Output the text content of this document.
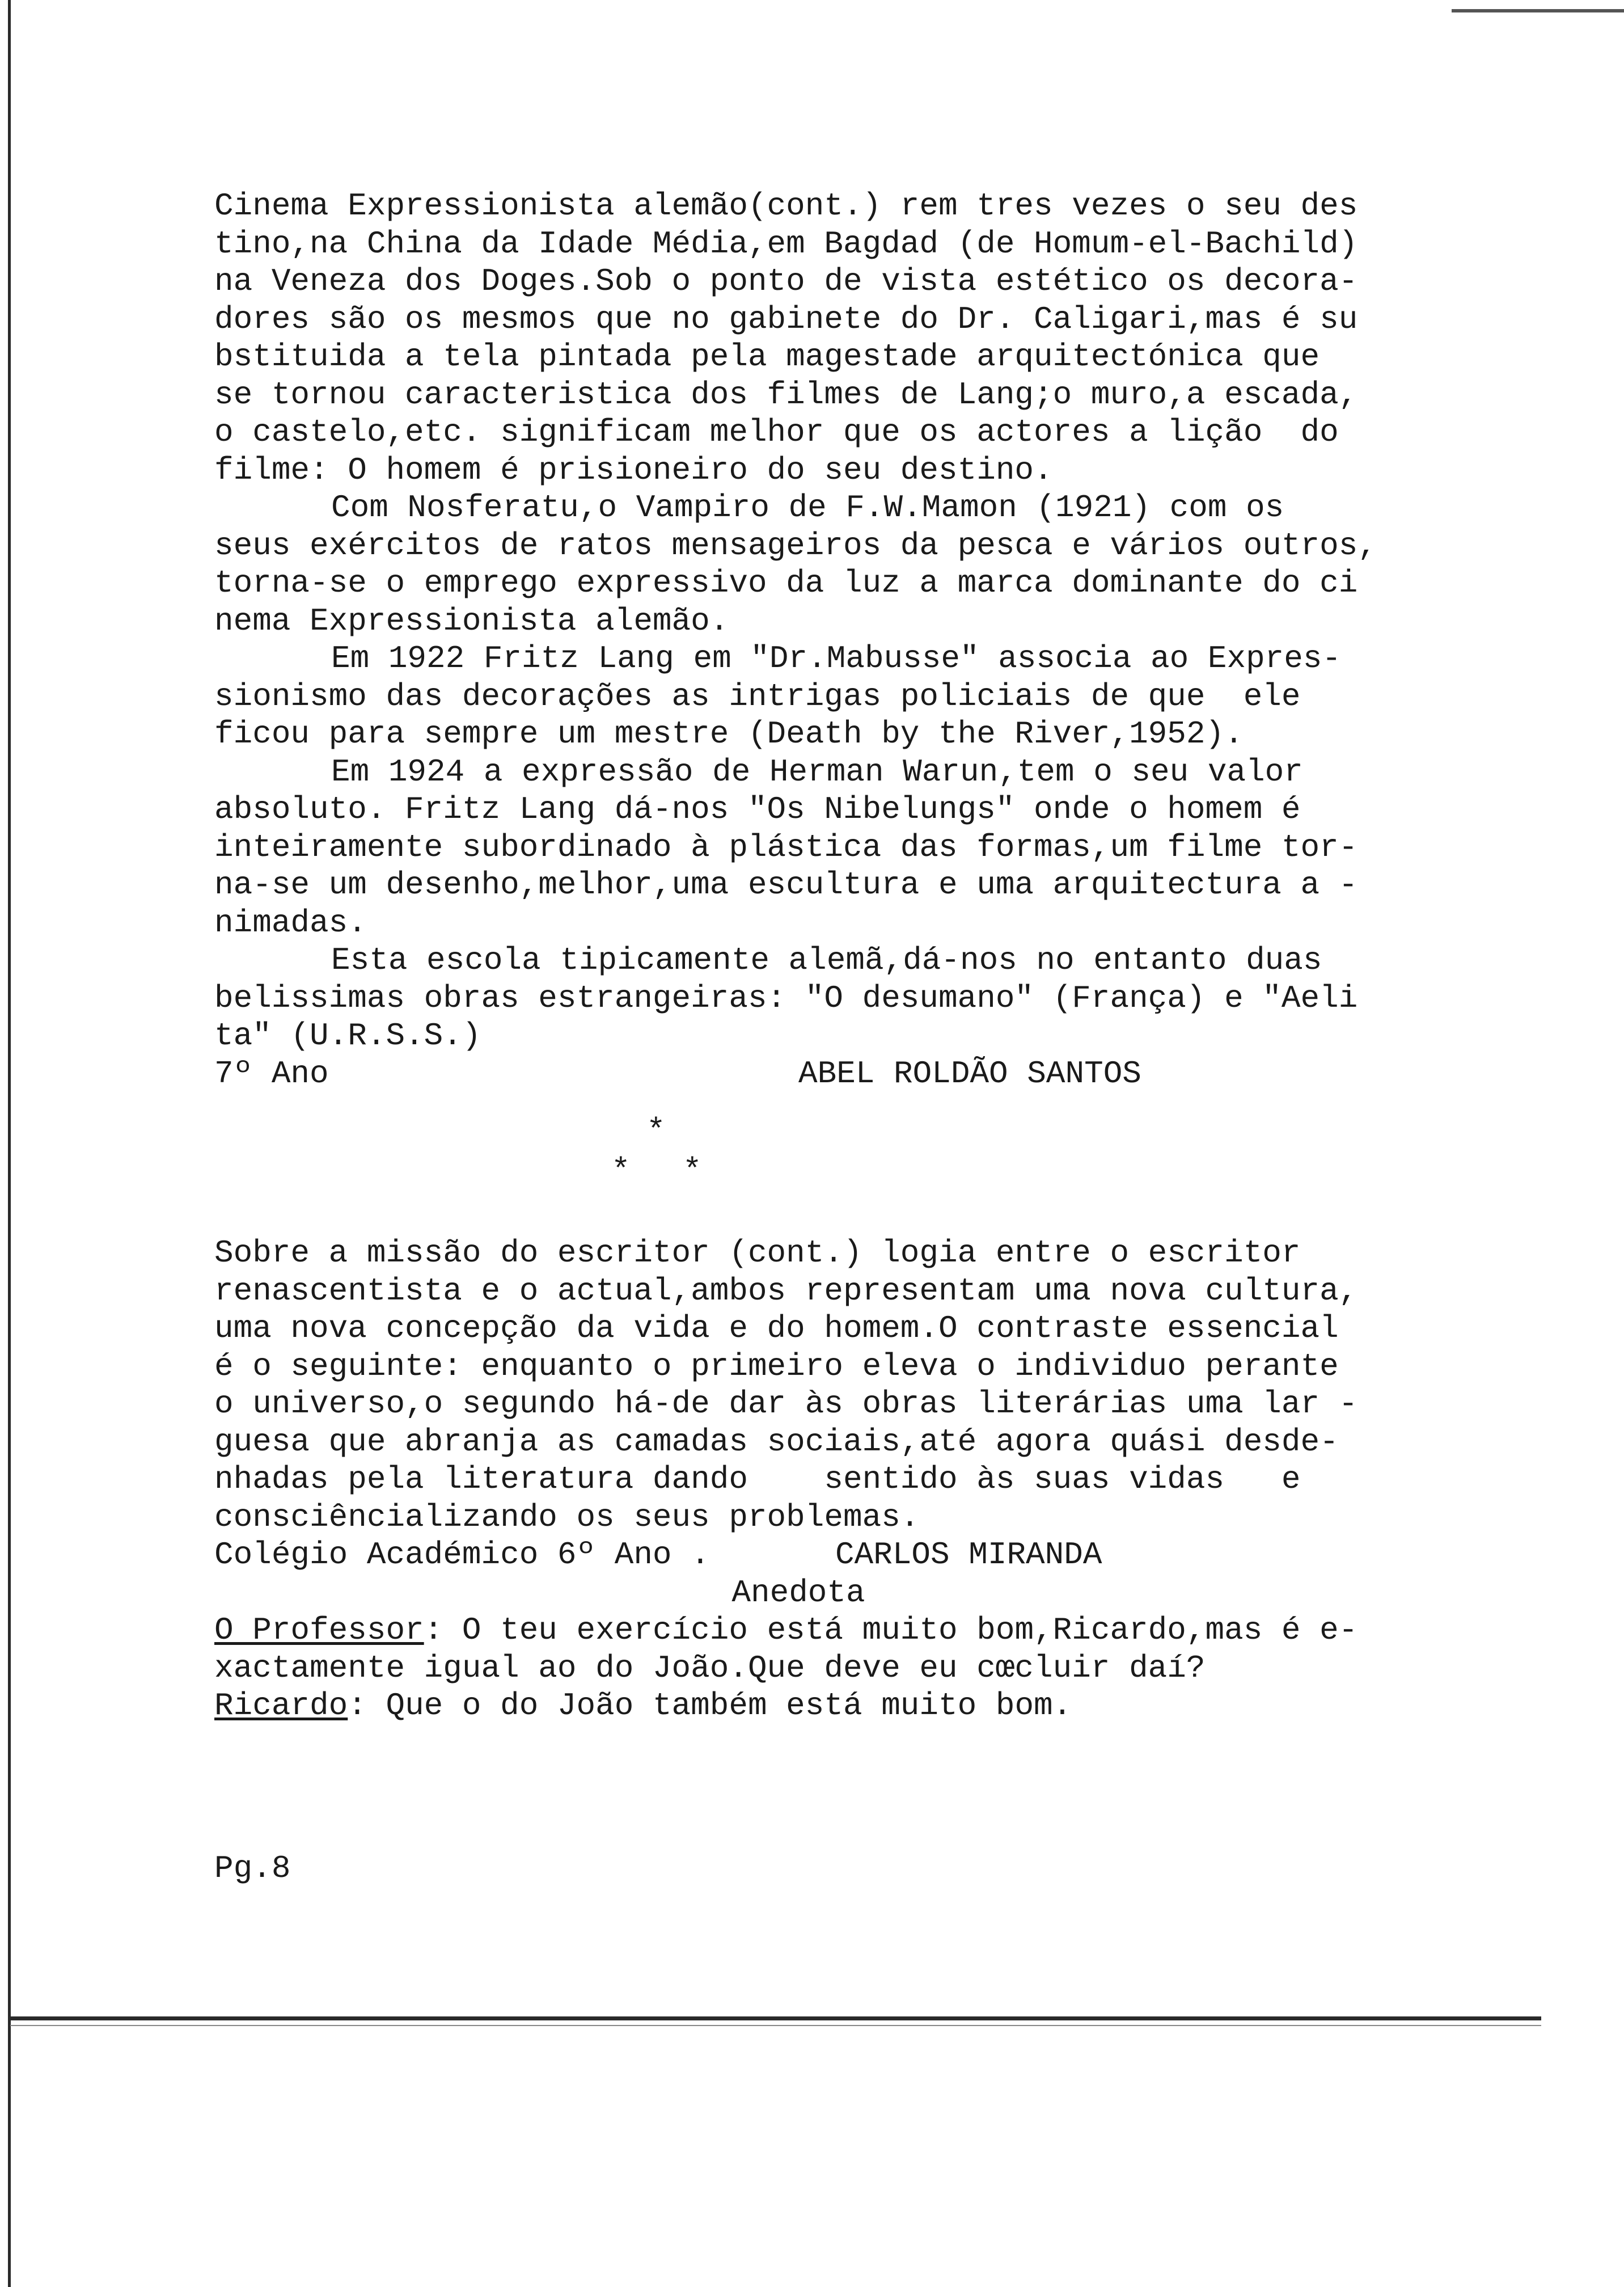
Cinema Expressionista alemão(cont.) rem tres vezes o seu des
tino,na China da Idade Média,em Bagdad (de Homum-el-Bachild)
na Veneza dos Doges.Sob o ponto de vista estético os decora-
dores são os mesmos que no gabinete do Dr. Caligari,mas é su
bstituida a tela pintada pela magestade arquitectónica que
se tornou caracteristica dos filmes de Lang;o muro,a escada,
o castelo,etc. significam melhor que os actores a lição  do
filme: O homem é prisioneiro do seu destino.
Com Nosferatu,o Vampiro de F.W.Mamon (1921) com os
seus exércitos de ratos mensageiros da pesca e vários outros,
torna-se o emprego expressivo da luz a marca dominante do ci
nema Expressionista alemão.
Em 1922 Fritz Lang em "Dr.Mabusse" associa ao Expres-
sionismo das decorações as intrigas policiais de que  ele
ficou para sempre um mestre (Death by the River,1952).
Em 1924 a expressão de Herman Warun,tem o seu valor
absoluto. Fritz Lang dá-nos "Os Nibelungs" onde o homem é
inteiramente subordinado à plástica das formas,um filme tor-
na-se um desenho,melhor,uma escultura e uma arquitectura a -
nimadas.
Esta escola tipicamente alemã,dá-nos no entanto duas
belissimas obras estrangeiras: "O desumano" (França) e "Aeli
ta" (U.R.S.S.)
7º Ano	ABEL ROLDÃO SANTOS
*
* *
Sobre a missão do escritor (cont.) logia entre o escritor
renascentista e o actual,ambos representam uma nova cultura,
uma nova concepção da vida e do homem.O contraste essencial
é o seguinte: enquanto o primeiro eleva o individuo perante
o universo,o segundo há-de dar às obras literárias uma lar -
guesa que abranja as camadas sociais,até agora quási desde-
nhadas pela literatura dando    sentido às suas vidas   e
consciêncializando os seus problemas.
Colégio Académico 6º Ano .	CARLOS MIRANDA
Anedota
O Professor: O teu exercício está muito bom,Ricardo,mas é e-
xactamente igual ao do João.Que deve eu cœcluir daí?
Ricardo: Que o do João também está muito bom.
Pg.8
